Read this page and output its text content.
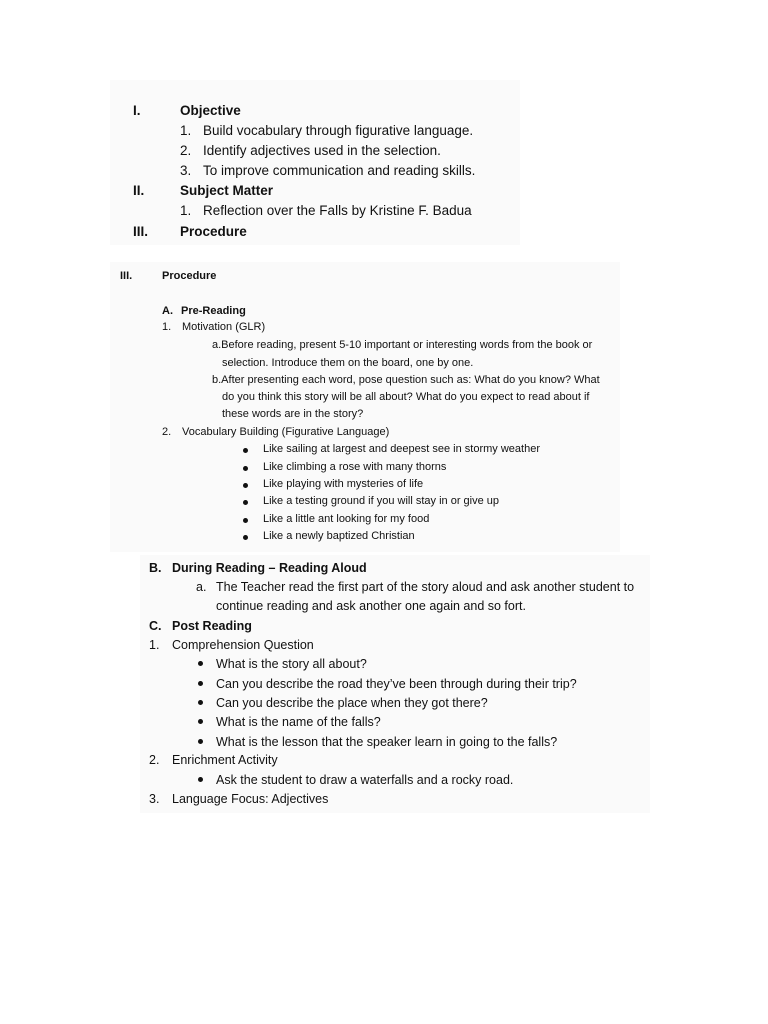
I.	Objective
1. Build vocabulary through figurative language.
2. Identify adjectives used in the selection.
3. To improve communication and reading skills.
II.	Subject Matter
1. Reflection over the Falls by Kristine F. Badua
III. Procedure
III.	Procedure
A. Pre-Reading
1. Motivation (GLR)
a.Before reading, present 5-10 important or interesting words from the book or
selection. Introduce them on the board, one by one.
b.After presenting each word, pose question such as: What do you know? What
do you think this story will be all about? What do you expect to read about if
these words are in the story?
2. Vocabulary Building (Figurative Language)
Like sailing at largest and deepest see in stormy weather
Like climbing a rose with many thorns
Like playing with mysteries of life
Like a testing ground if you will stay in or give up
Like a little ant looking for my food
Like a newly baptized Christian
B. During Reading – Reading Aloud
a. The Teacher read the first part of the story aloud and ask another student to
continue reading and ask another one again and so fort.
C. Post Reading
1. Comprehension Question
What is the story all about?
Can you describe the road they’ve been through during their trip?
Can you describe the place when they got there?
What is the name of the falls?
What is the lesson that the speaker learn in going to the falls?
2. Enrichment Activity
Ask the student to draw a waterfalls and a rocky road.
3. Language Focus: Adjectives
